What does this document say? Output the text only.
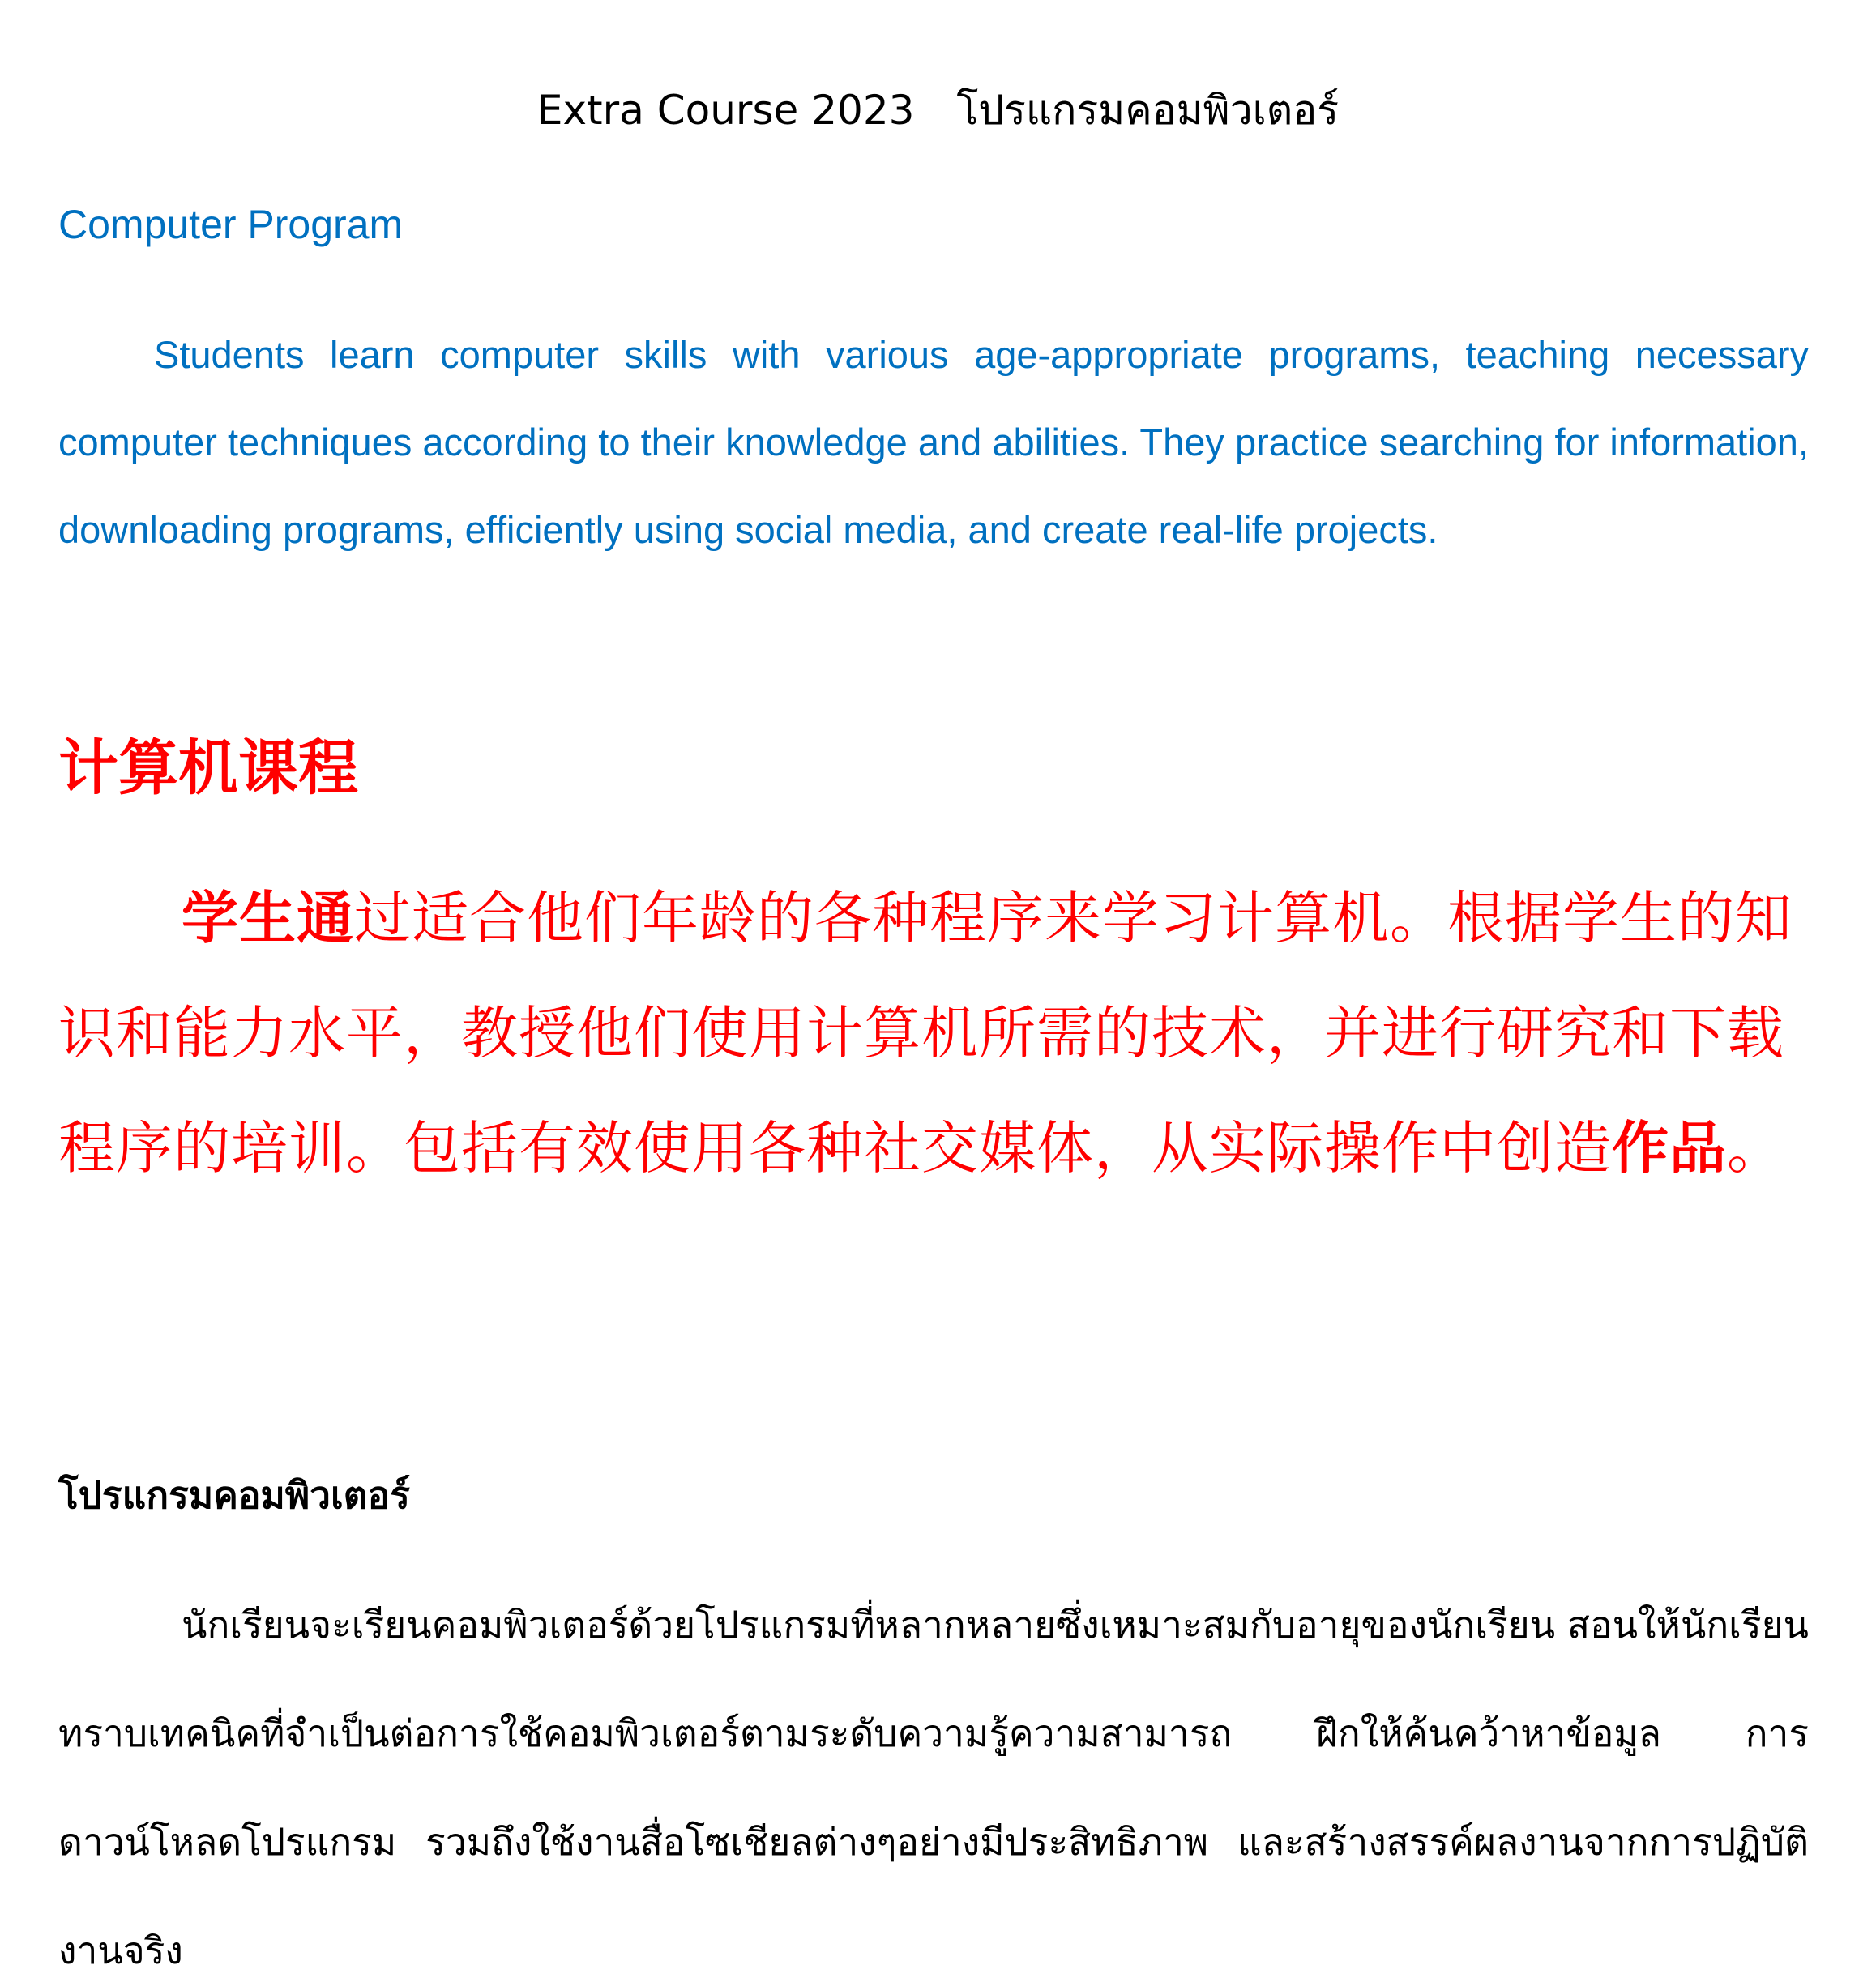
Extra Course 2023 โปรแกรมคอมพิวเตอร์
Computer Program

Students learn computer skills with various age-appropriate programs, teaching necessary computer techniques according to their knowledge and abilities. They practice searching for information, downloading programs, efficiently using social media, and create real-life projects.

计算机课程

学生通过适合他们年龄的各种程序来学习计算机。根据学生的知识和能力水平，教授他们使用计算机所需的技术，并进行研究和下载程序的培训。包括有效使用各种社交媒体，从实际操作中创造作品。

โปรแกรมคอมพิวเตอร์

นักเรียนจะเรียนคอมพิวเตอร์ด้วยโปรแกรมที่หลากหลายซึ่งเหมาะสมกับอายุของนักเรียน สอนให้นักเรียนทราบเทคนิคที่จำเป็นต่อการใช้คอมพิวเตอร์ตามระดับความรู้ความสามารถ ฝึกให้ค้นคว้าหาข้อมูล การดาวน์โหลดโปรแกรม รวมถึงใช้งานสื่อโซเชียลต่างๆอย่างมีประสิทธิภาพ และสร้างสรรค์ผลงานจากการปฏิบัติงานจริง
